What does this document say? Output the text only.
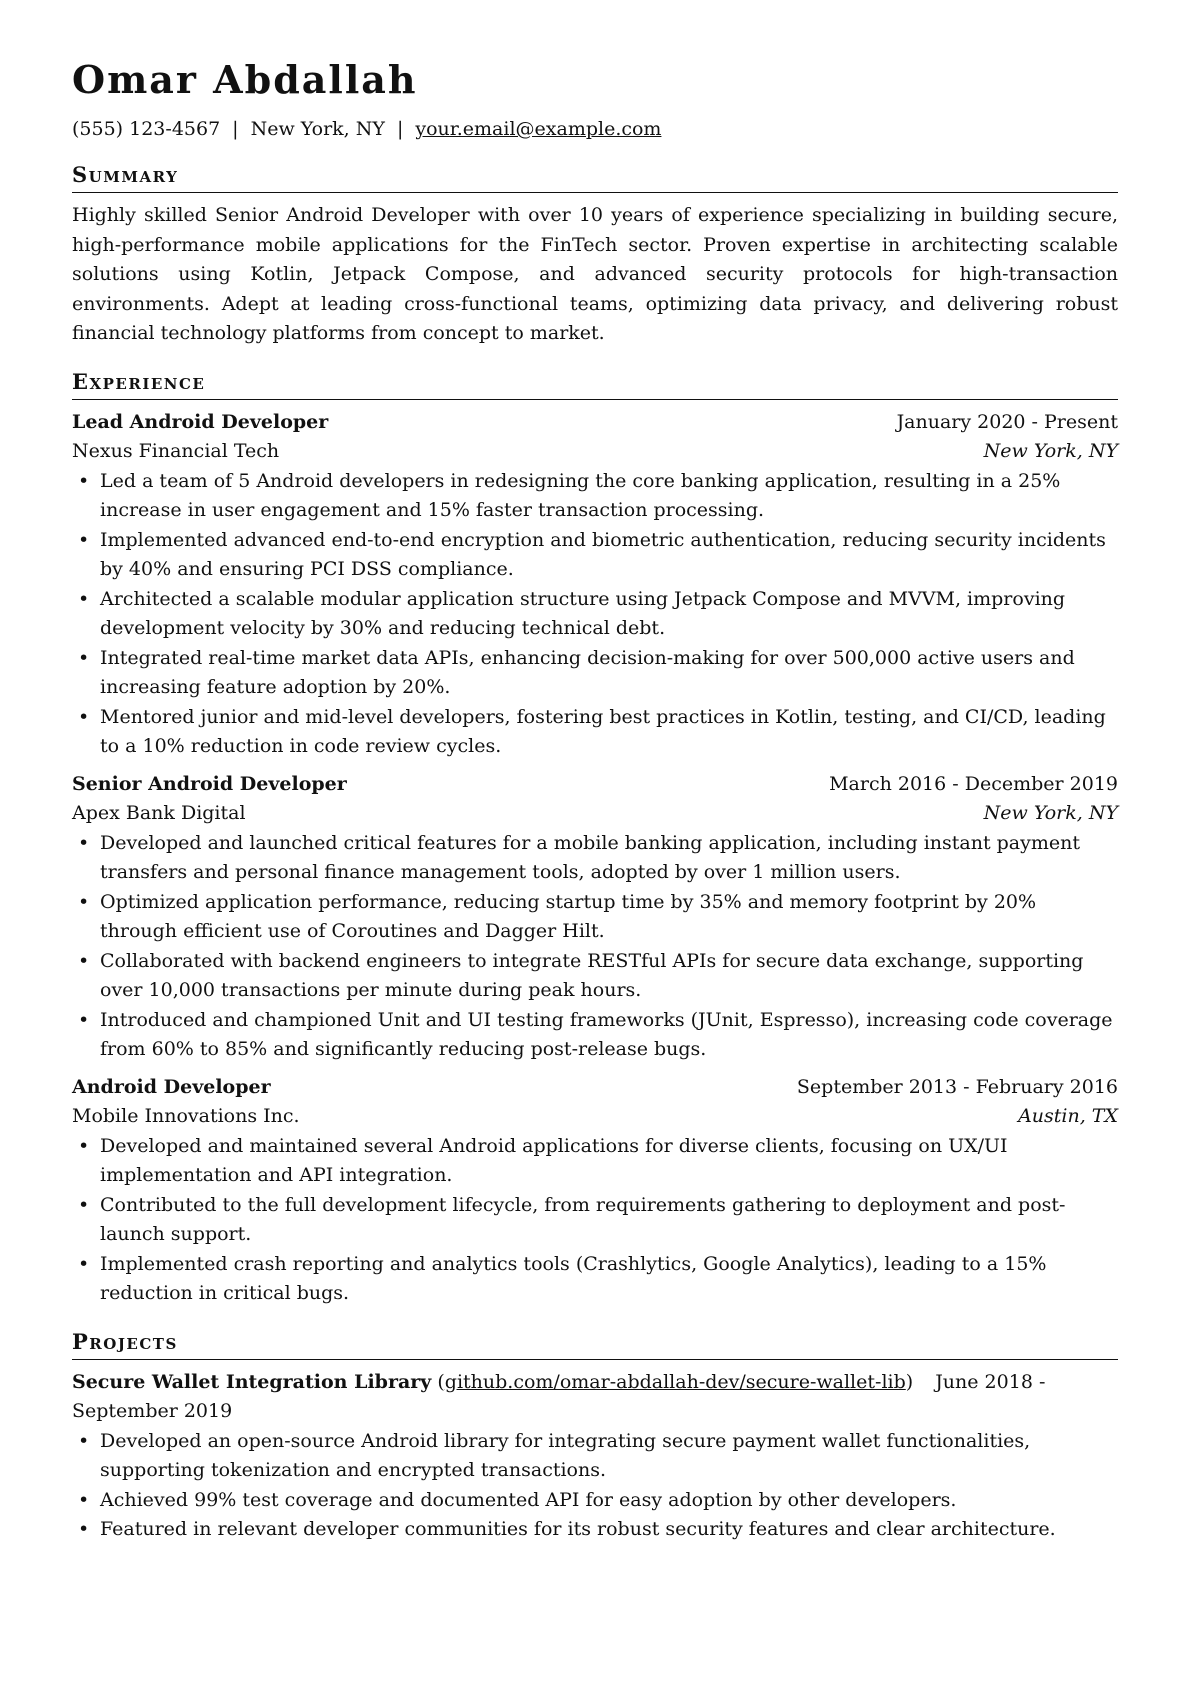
Omar Abdallah
(555) 123-4567 | New York, NY | your.email@example.com
Summary
Highly skilled Senior Android Developer with over 10 years of experience specializing in building secure, high-performance mobile applications for the FinTech sector. Proven expertise in architecting scalable solutions using Kotlin, Jetpack Compose, and advanced security protocols for high-transaction environments. Adept at leading cross-functional teams, optimizing data privacy, and delivering robust financial technology platforms from concept to market.
Experience
Lead Android Developer	January 2020 - Present
Nexus Financial Tech	New York, NY
• Led a team of 5 Android developers in redesigning the core banking application, resulting in a 25% increase in user engagement and 15% faster transaction processing.
• Implemented advanced end-to-end encryption and biometric authentication, reducing security incidents by 40% and ensuring PCI DSS compliance.
• Architected a scalable modular application structure using Jetpack Compose and MVVM, improving development velocity by 30% and reducing technical debt.
• Integrated real-time market data APIs, enhancing decision-making for over 500,000 active users and increasing feature adoption by 20%.
• Mentored junior and mid-level developers, fostering best practices in Kotlin, testing, and CI/CD, leading to a 10% reduction in code review cycles.
Senior Android Developer	March 2016 - December 2019
Apex Bank Digital	New York, NY
• Developed and launched critical features for a mobile banking application, including instant payment transfers and personal finance management tools, adopted by over 1 million users.
• Optimized application performance, reducing startup time by 35% and memory footprint by 20% through efficient use of Coroutines and Dagger Hilt.
• Collaborated with backend engineers to integrate RESTful APIs for secure data exchange, supporting over 10,000 transactions per minute during peak hours.
• Introduced and championed Unit and UI testing frameworks (JUnit, Espresso), increasing code coverage from 60% to 85% and significantly reducing post-release bugs.
Android Developer	September 2013 - February 2016
Mobile Innovations Inc.	Austin, TX
• Developed and maintained several Android applications for diverse clients, focusing on UX/UI implementation and API integration.
• Contributed to the full development lifecycle, from requirements gathering to deployment and post-launch support.
• Implemented crash reporting and analytics tools (Crashlytics, Google Analytics), leading to a 15% reduction in critical bugs.
Projects
Secure Wallet Integration Library (github.com/omar-abdallah-dev/secure-wallet-lib) June 2018 - September 2019
• Developed an open-source Android library for integrating secure payment wallet functionalities, supporting tokenization and encrypted transactions.
• Achieved 99% test coverage and documented API for easy adoption by other developers.
• Featured in relevant developer communities for its robust security features and clear architecture.
